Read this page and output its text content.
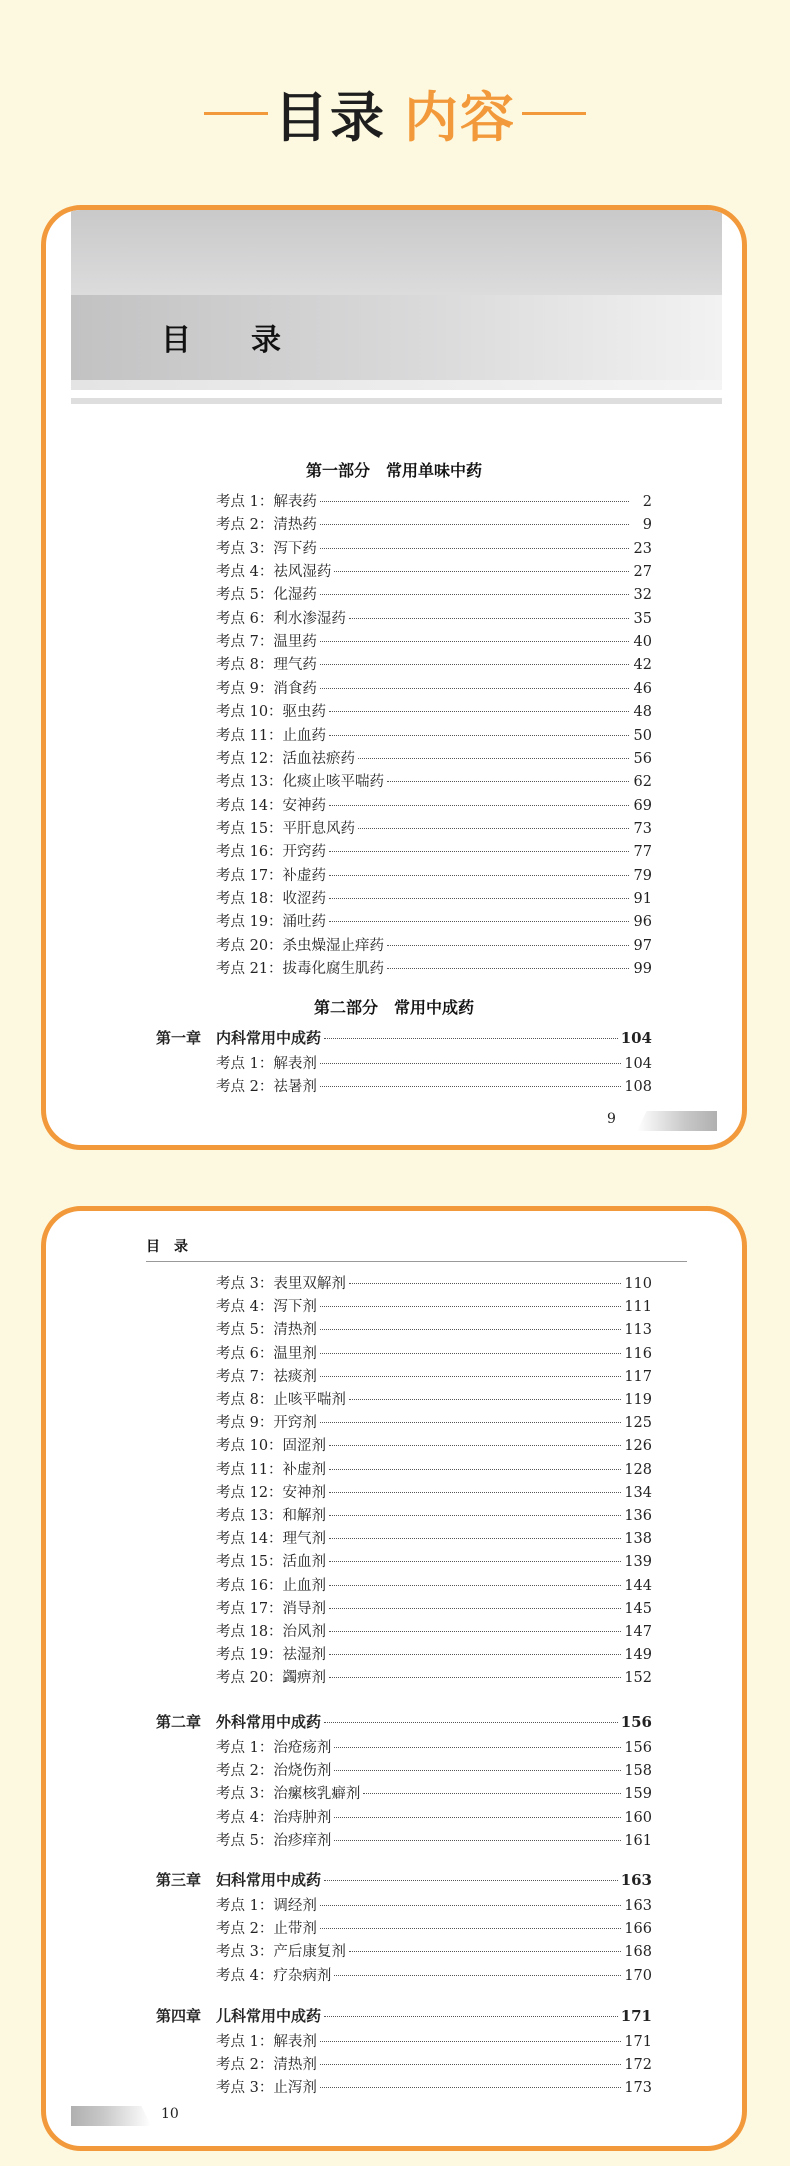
目录 内容
目 录
第一部分　常用单味中药
考点 1：解表药	2
考点 2：清热药	9
考点 3：泻下药	23
考点 4：祛风湿药	27
考点 5：化湿药	32
考点 6：利水渗湿药	35
考点 7：温里药	40
考点 8：理气药	42
考点 9：消食药	46
考点 10：驱虫药	48
考点 11：止血药	50
考点 12：活血祛瘀药	56
考点 13：化痰止咳平喘药	62
考点 14：安神药	69
考点 15：平肝息风药	73
考点 16：开窍药	77
考点 17：补虚药	79
考点 18：收涩药	91
考点 19：涌吐药	96
考点 20：杀虫燥湿止痒药	97
考点 21：拔毒化腐生肌药	99
第二部分　常用中成药
第一章　内科常用中成药	104
考点 1：解表剂	104
考点 2：祛暑剂	108
9
目　录
考点 3：表里双解剂	110
考点 4：泻下剂	111
考点 5：清热剂	113
考点 6：温里剂	116
考点 7：祛痰剂	117
考点 8：止咳平喘剂	119
考点 9：开窍剂	125
考点 10：固涩剂	126
考点 11：补虚剂	128
考点 12：安神剂	134
考点 13：和解剂	136
考点 14：理气剂	138
考点 15：活血剂	139
考点 16：止血剂	144
考点 17：消导剂	145
考点 18：治风剂	147
考点 19：祛湿剂	149
考点 20：蠲痹剂	152
第二章　外科常用中成药	156
考点 1：治疮疡剂	156
考点 2：治烧伤剂	158
考点 3：治瘰核乳癖剂	159
考点 4：治痔肿剂	160
考点 5：治疹痒剂	161
第三章　妇科常用中成药	163
考点 1：调经剂	163
考点 2：止带剂	166
考点 3：产后康复剂	168
考点 4：疗杂病剂	170
第四章　儿科常用中成药	171
考点 1：解表剂	171
考点 2：清热剂	172
考点 3：止泻剂	173
10
